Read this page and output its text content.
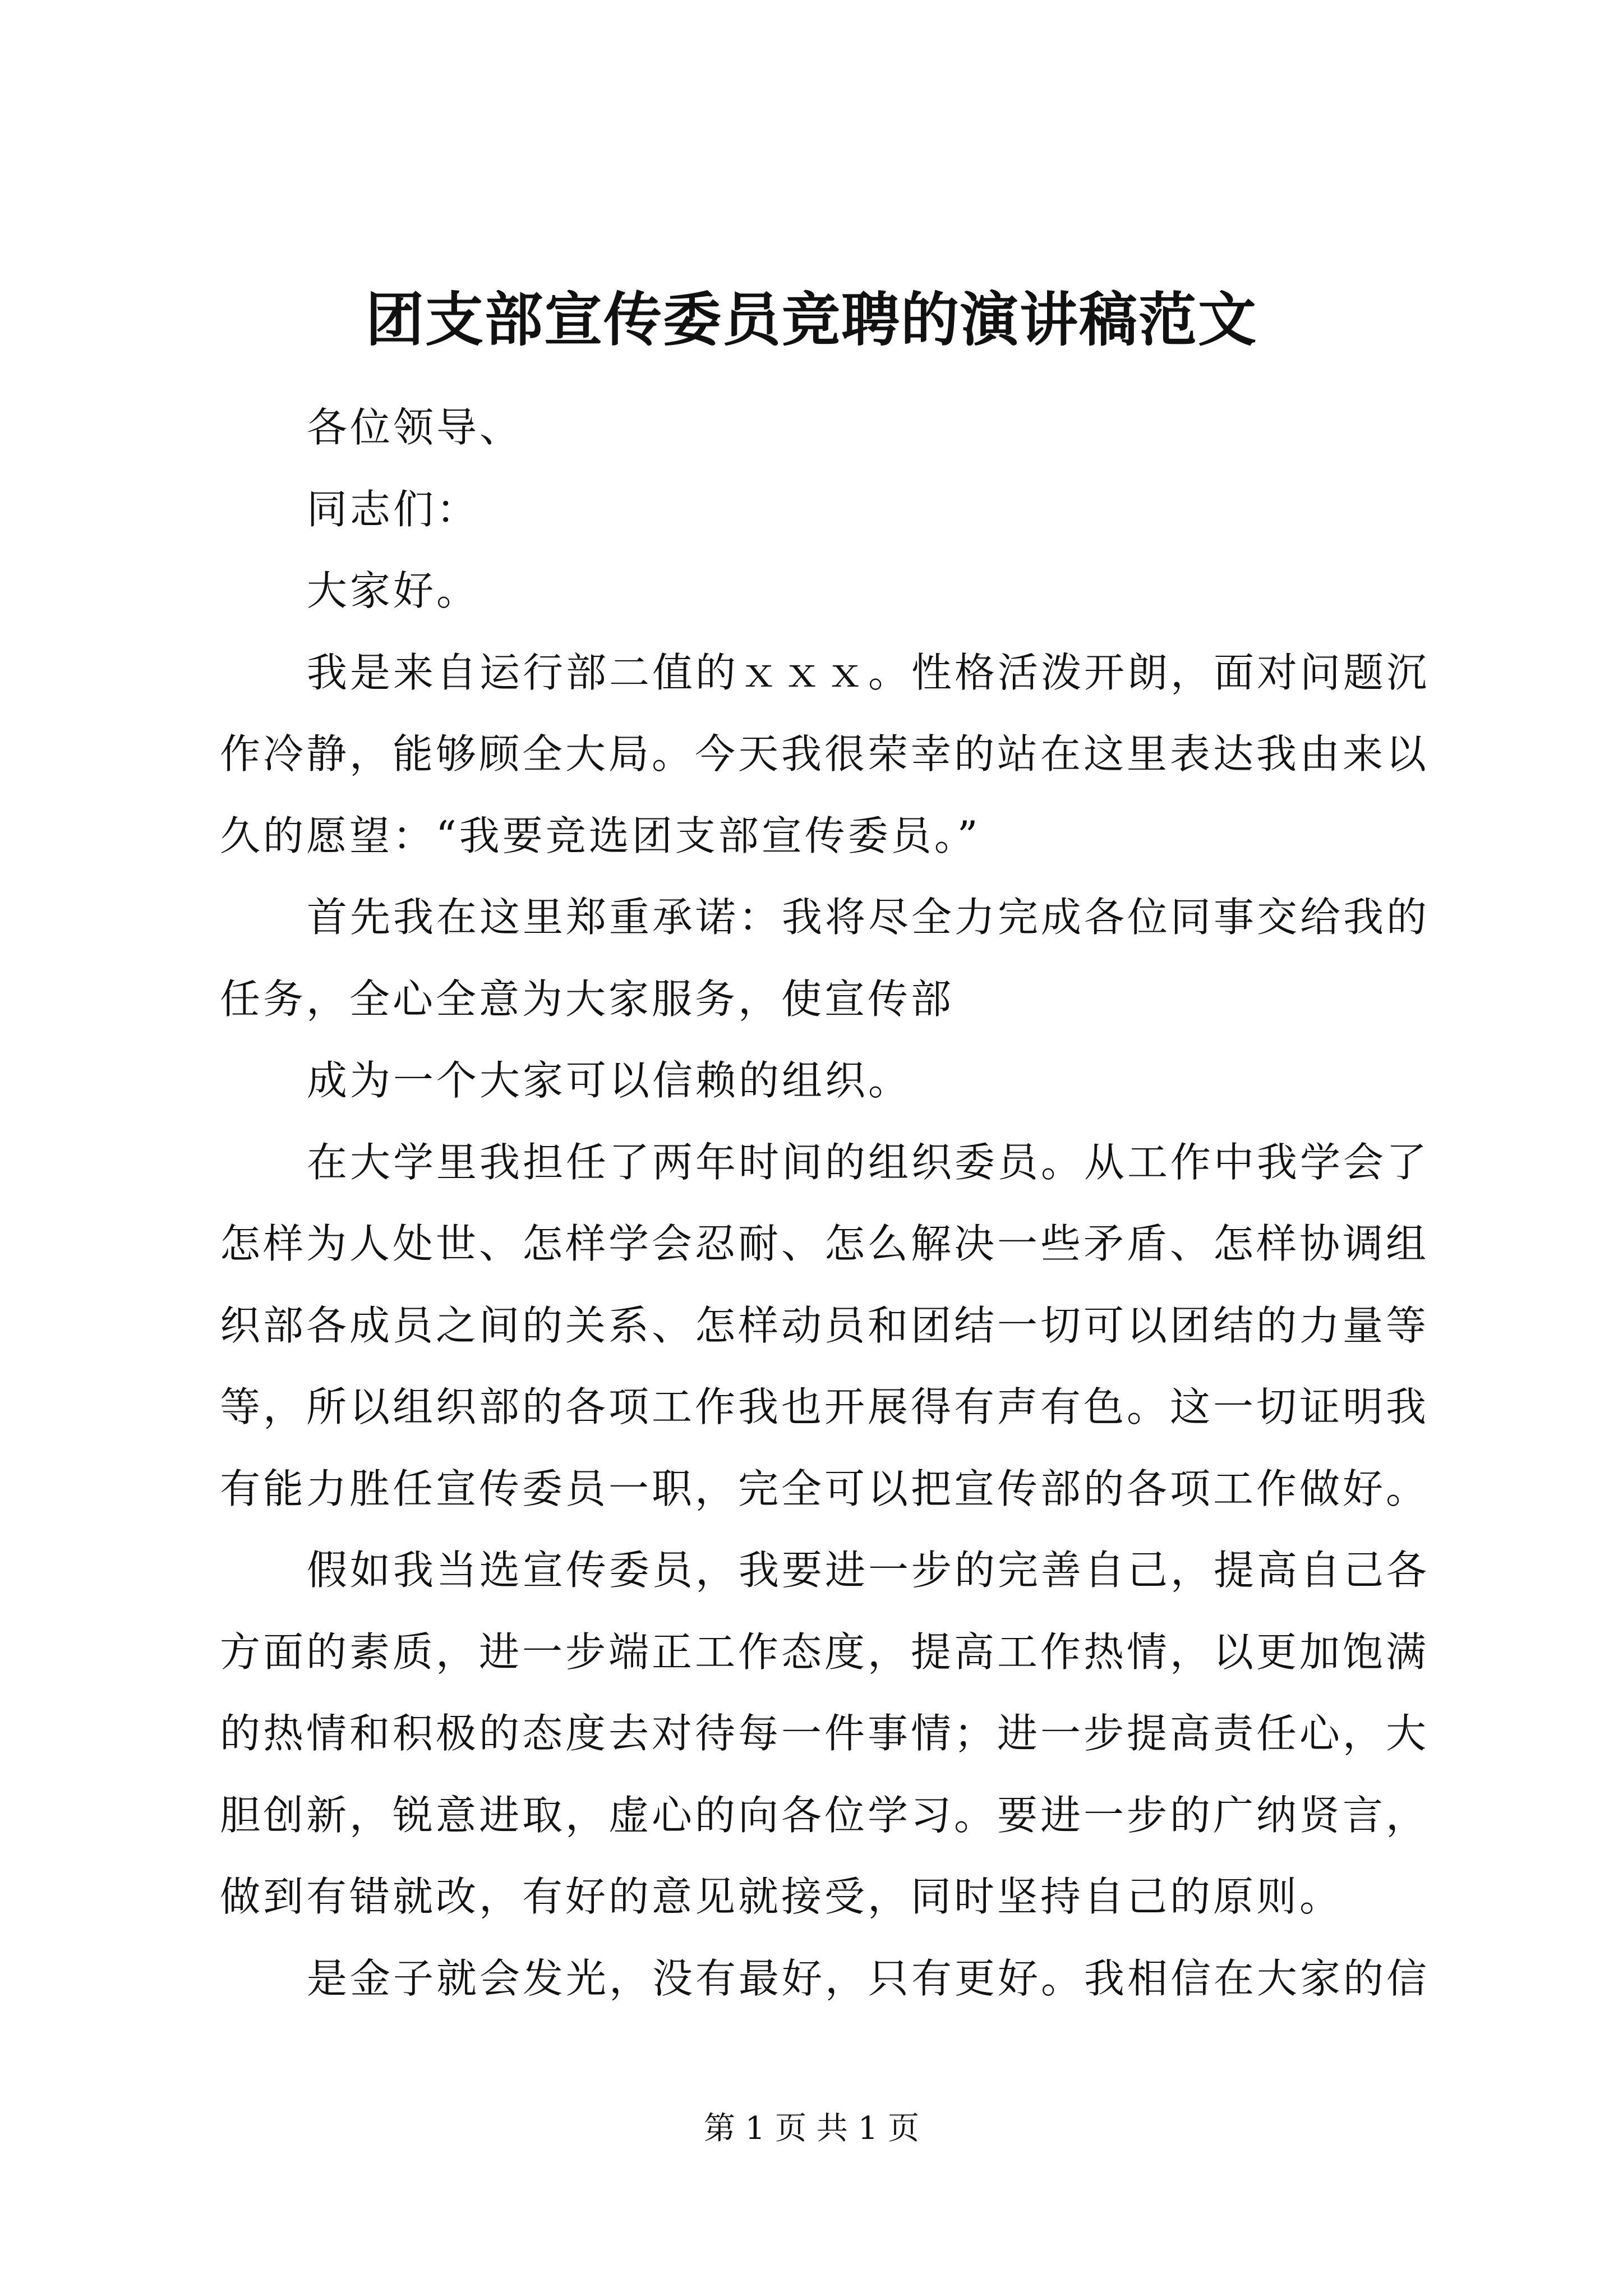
团支部宣传委员竞聘的演讲稿范文
各位领导、
同志们：
大家好。
我是来自运行部二值的ｘｘｘ。性格活泼开朗，面对问题沉
作冷静，能够顾全大局。今天我很荣幸的站在这里表达我由来以
久的愿望：“我要竞选团支部宣传委员。”
首先我在这里郑重承诺：我将尽全力完成各位同事交给我的
任务，全心全意为大家服务，使宣传部
成为一个大家可以信赖的组织。
在大学里我担任了两年时间的组织委员。从工作中我学会了
怎样为人处世、怎样学会忍耐、怎么解决一些矛盾、怎样协调组
织部各成员之间的关系、怎样动员和团结一切可以团结的力量等
等，所以组织部的各项工作我也开展得有声有色。这一切证明我
有能力胜任宣传委员一职，完全可以把宣传部的各项工作做好。
假如我当选宣传委员，我要进一步的完善自己，提高自己各
方面的素质，进一步端正工作态度，提高工作热情，以更加饱满
的热情和积极的态度去对待每一件事情；进一步提高责任心，大
胆创新，锐意进取，虚心的向各位学习。要进一步的广纳贤言，
做到有错就改，有好的意见就接受，同时坚持自己的原则。
是金子就会发光，没有最好，只有更好。我相信在大家的信
第 1 页 共 1 页
